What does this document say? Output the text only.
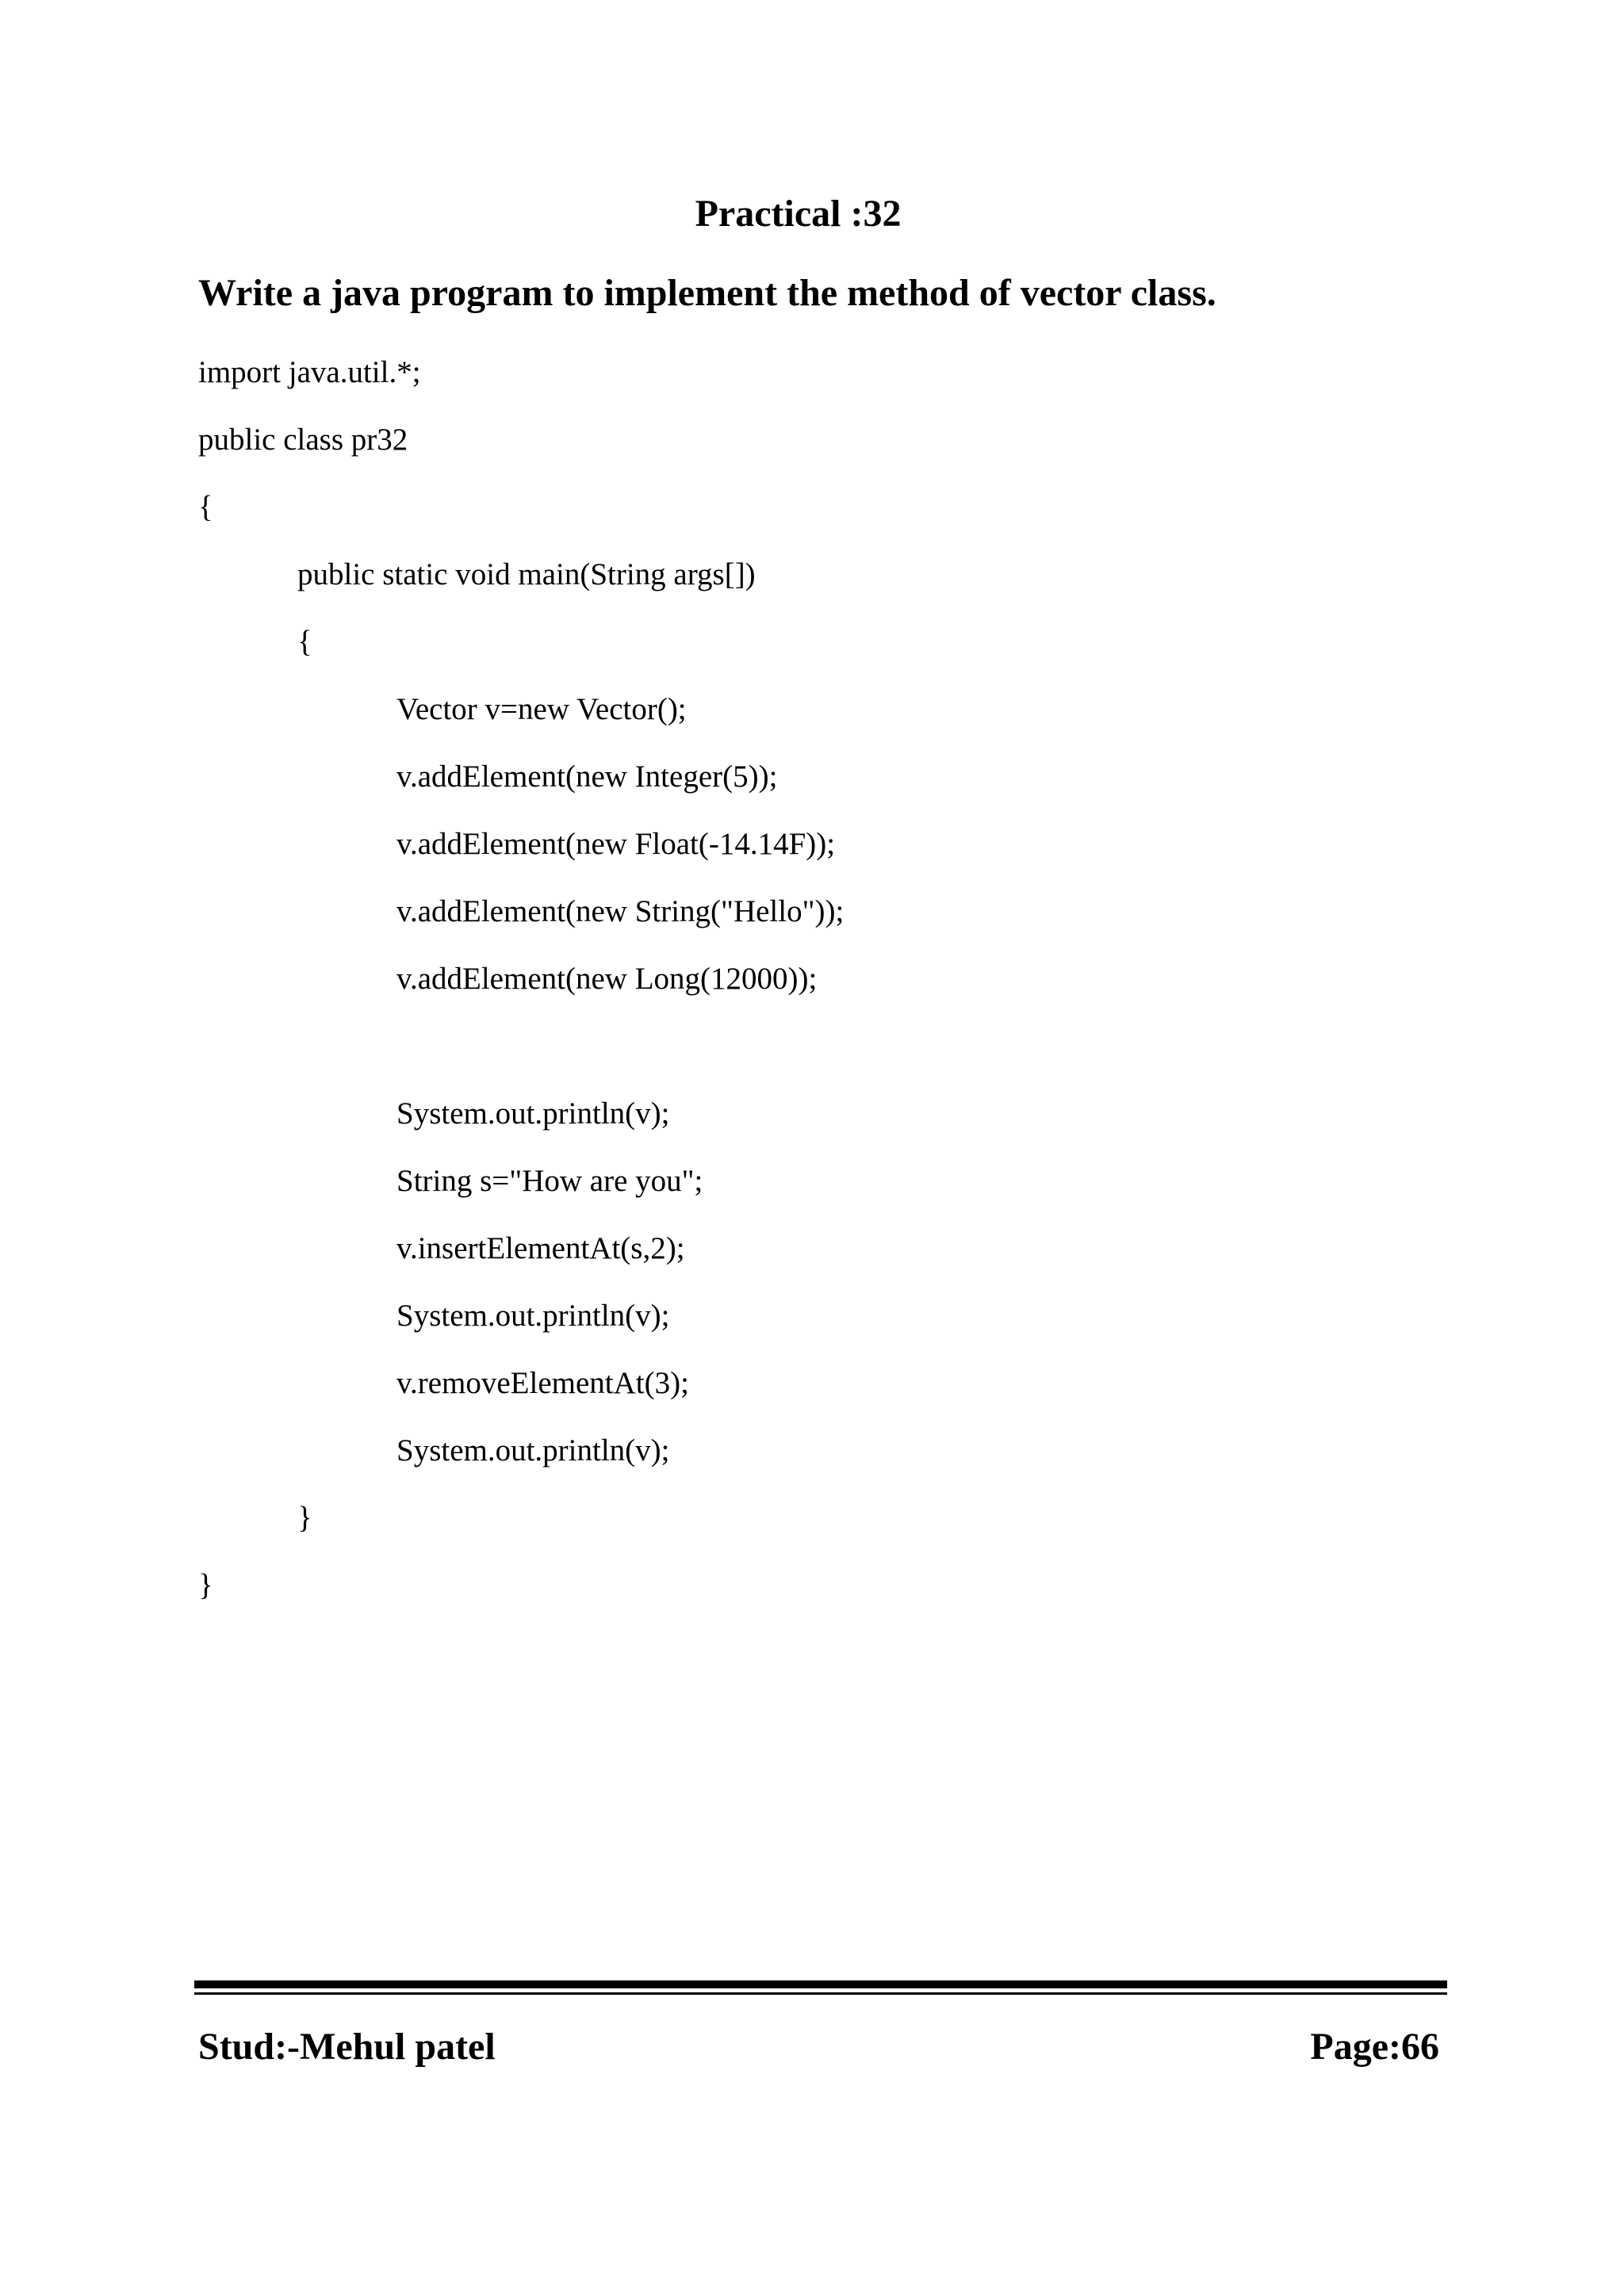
Practical :32
Write a java program to implement the method of vector class.
import java.util.*;
public class pr32
{
public static void main(String args[])
{
Vector v=new Vector();
v.addElement(new Integer(5));
v.addElement(new Float(-14.14F));
v.addElement(new String("Hello"));
v.addElement(new Long(12000));
System.out.println(v);
String s="How are you";
v.insertElementAt(s,2);
System.out.println(v);
v.removeElementAt(3);
System.out.println(v);
}
}
Stud:-Mehul patel	Page:66
